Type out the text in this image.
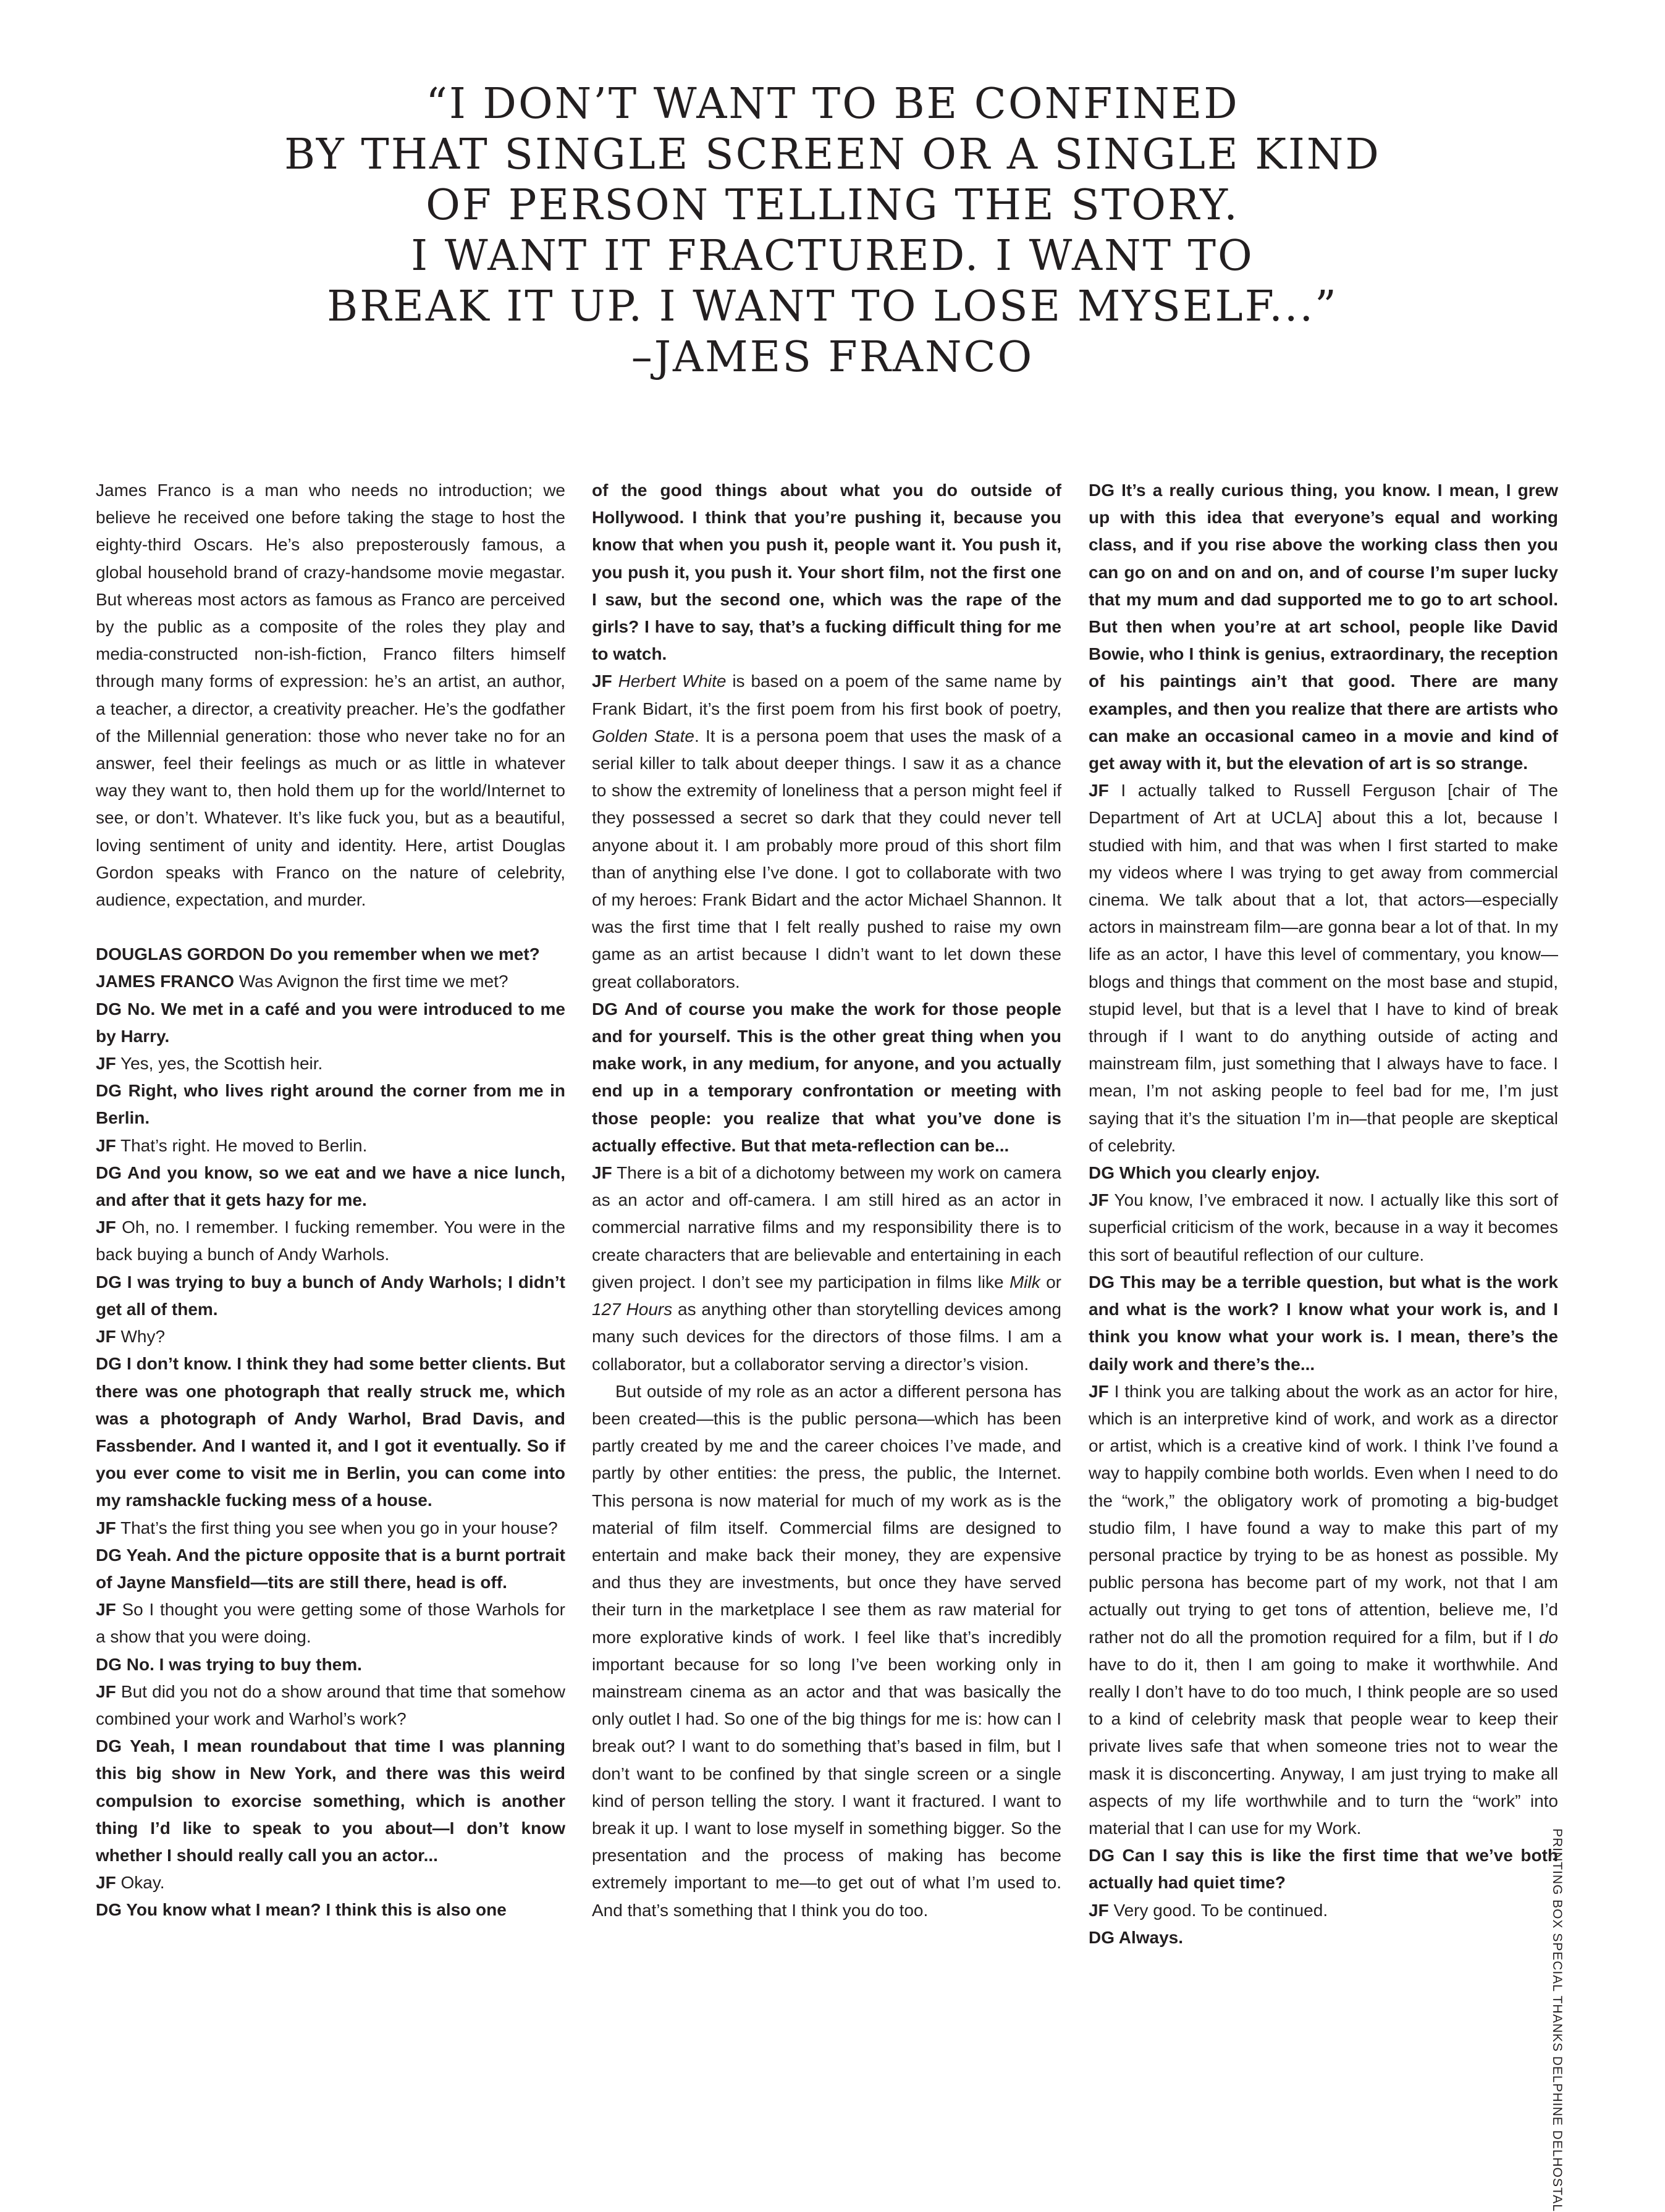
“I DON’T WANT TO BE CONFINED
BY THAT SINGLE SCREEN OR A SINGLE KIND
OF PERSON TELLING THE STORY.
I WANT IT FRACTURED. I WANT TO
BREAK IT UP. I WANT TO LOSE MYSELF...”
–JAMES FRANCO

James Franco is a man who needs no introduction; we believe he received one before taking the stage to host the eighty-third Oscars. He’s also preposterously famous, a global household brand of crazy-handsome movie megastar. But whereas most actors as famous as Franco are perceived by the public as a composite of the roles they play and media-constructed non-ish-fiction, Franco filters himself through many forms of expression: he’s an artist, an author, a teacher, a director, a creativity preacher. He’s the godfather of the Millennial generation: those who never take no for an answer, feel their feelings as much or as little in whatever way they want to, then hold them up for the world/Internet to see, or don’t. Whatever. It’s like fuck you, but as a beautiful, loving sentiment of unity and identity. Here, artist Douglas Gordon speaks with Franco on the nature of celebrity, audience, expectation, and murder.

DOUGLAS GORDON Do you remember when we met?

JAMES FRANCO Was Avignon the first time we met?

DG No. We met in a café and you were introduced to me by Harry.

JF Yes, yes, the Scottish heir.

DG Right, who lives right around the corner from me in Berlin.

JF That’s right. He moved to Berlin.

DG And you know, so we eat and we have a nice lunch, and after that it gets hazy for me.

JF Oh, no. I remember. I fucking remember. You were in the back buying a bunch of Andy Warhols.

DG I was trying to buy a bunch of Andy Warhols; I didn’t get all of them.

JF Why?

DG I don’t know. I think they had some better clients. But there was one photograph that really struck me, which was a photograph of Andy Warhol, Brad Davis, and Fassbender. And I wanted it, and I got it eventually. So if you ever come to visit me in Berlin, you can come into my ramshackle fucking mess of a house.

JF That’s the first thing you see when you go in your house?

DG Yeah. And the picture opposite that is a burnt portrait of Jayne Mansfield—tits are still there, head is off.

JF So I thought you were getting some of those Warhols for a show that you were doing.

DG No. I was trying to buy them.

JF But did you not do a show around that time that somehow combined your work and Warhol’s work?

DG Yeah, I mean roundabout that time I was planning this big show in New York, and there was this weird compulsion to exorcise something, which is another thing I’d like to speak to you about—I don’t know whether I should really call you an actor...

JF Okay.

DG You know what I mean? I think this is also one

of the good things about what you do outside of Hollywood. I think that you’re pushing it, because you know that when you push it, people want it. You push it, you push it, you push it. Your short film, not the first one I saw, but the second one, which was the rape of the girls? I have to say, that’s a fucking difficult thing for me to watch.

JF Herbert White is based on a poem of the same name by Frank Bidart, it’s the first poem from his first book of poetry, Golden State. It is a persona poem that uses the mask of a serial killer to talk about deeper things. I saw it as a chance to show the extremity of loneliness that a person might feel if they possessed a secret so dark that they could never tell anyone about it. I am probably more proud of this short film than of anything else I’ve done. I got to collaborate with two of my heroes: Frank Bidart and the actor Michael Shannon. It was the first time that I felt really pushed to raise my own game as an artist because I didn’t want to let down these great collaborators.

DG And of course you make the work for those people and for yourself. This is the other great thing when you make work, in any medium, for anyone, and you actually end up in a temporary confrontation or meeting with those people: you realize that what you’ve done is actually effective. But that meta-reflection can be...

JF There is a bit of a dichotomy between my work on camera as an actor and off-camera. I am still hired as an actor in commercial narrative films and my responsibility there is to create characters that are believable and entertaining in each given project. I don’t see my participation in films like Milk or 127 Hours as anything other than storytelling devices among many such devices for the directors of those films. I am a collaborator, but a collaborator serving a director’s vision.

But outside of my role as an actor a different persona has been created—this is the public persona—which has been partly created by me and the career choices I’ve made, and partly by other entities: the press, the public, the Internet. This persona is now material for much of my work as is the material of film itself. Commercial films are designed to entertain and make back their money, they are expensive and thus they are investments, but once they have served their turn in the marketplace I see them as raw material for more explorative kinds of work. I feel like that’s incredibly important because for so long I’ve been working only in mainstream cinema as an actor and that was basically the only outlet I had. So one of the big things for me is: how can I break out? I want to do something that’s based in film, but I don’t want to be confined by that single screen or a single kind of person telling the story. I want it fractured. I want to break it up. I want to lose myself in something bigger. So the presentation and the process of making has become extremely important to me—to get out of what I’m used to. And that’s something that I think you do too.

DG It’s a really curious thing, you know. I mean, I grew up with this idea that everyone’s equal and working class, and if you rise above the working class then you can go on and on and on, and of course I’m super lucky that my mum and dad supported me to go to art school. But then when you’re at art school, people like David Bowie, who I think is genius, extraordinary, the reception of his paintings ain’t that good. There are many examples, and then you realize that there are artists who can make an occasional cameo in a movie and kind of get away with it, but the elevation of art is so strange.

JF I actually talked to Russell Ferguson [chair of The Department of Art at UCLA] about this a lot, because I studied with him, and that was when I first started to make my videos where I was trying to get away from commercial cinema. We talk about that a lot, that actors—especially actors in mainstream film—are gonna bear a lot of that. In my life as an actor, I have this level of commentary, you know—blogs and things that comment on the most base and stupid, stupid level, but that is a level that I have to kind of break through if I want to do anything outside of acting and mainstream film, just something that I always have to face. I mean, I’m not asking people to feel bad for me, I’m just saying that it’s the situation I’m in—that people are skeptical of celebrity.

DG Which you clearly enjoy.

JF You know, I’ve embraced it now. I actually like this sort of superficial criticism of the work, because in a way it becomes this sort of beautiful reflection of our culture.

DG This may be a terrible question, but what is the work and what is the work? I know what your work is, and I think you know what your work is. I mean, there’s the daily work and there’s the...

JF I think you are talking about the work as an actor for hire, which is an interpretive kind of work, and work as a director or artist, which is a creative kind of work. I think I’ve found a way to happily combine both worlds. Even when I need to do the “work,” the obligatory work of promoting a big-budget studio film, I have found a way to make this part of my personal practice by trying to be as honest as possible. My public persona has become part of my work, not that I am actually out trying to get tons of attention, believe me, I’d rather not do all the promotion required for a film, but if I do have to do it, then I am going to make it worthwhile. And really I don’t have to do too much, I think people are so used to a kind of celebrity mask that people wear to keep their private lives safe that when someone tries not to wear the mask it is disconcerting. Anyway, I am just trying to make all aspects of my life worthwhile and to turn the “work” into material that I can use for my Work.

DG Can I say this is like the first time that we’ve both actually had quiet time?

JF Very good. To be continued.

DG Always.	PRINTING BOX SPECIAL THANKS DELPHINE DELHOSTAL
